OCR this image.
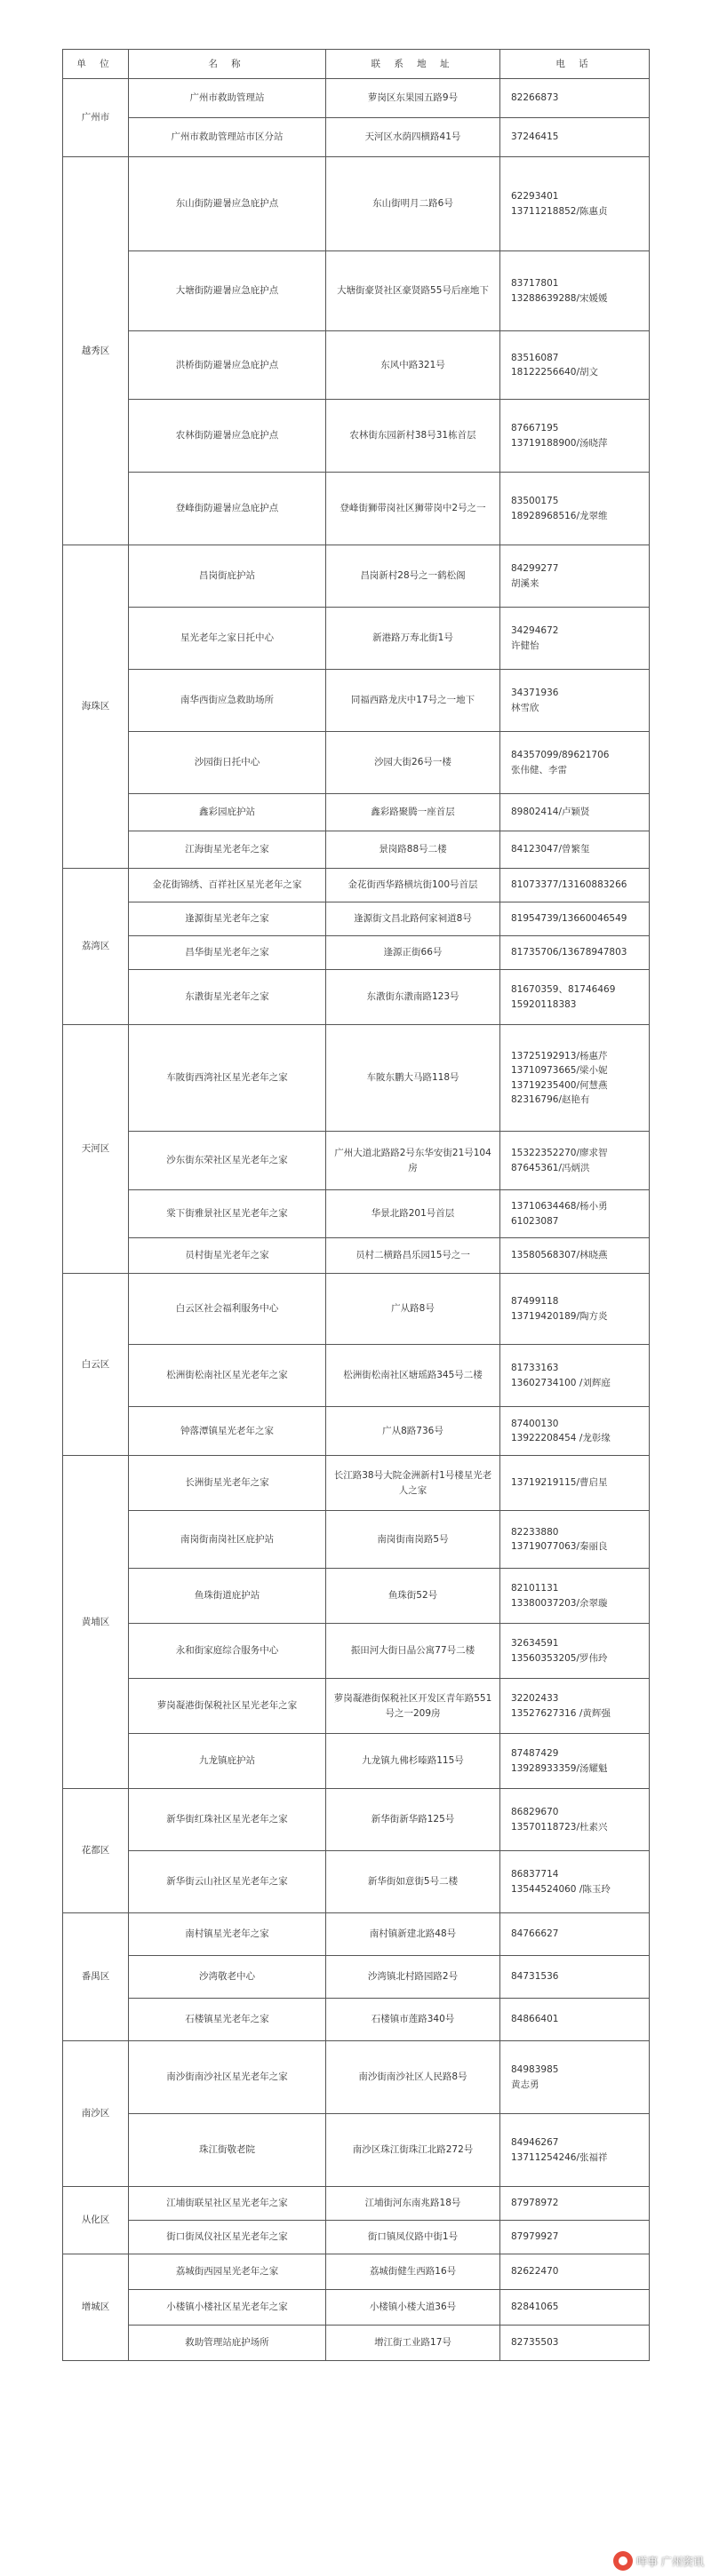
单 位	名 称	联 系 地 址	电 话
广州市	广州市救助管理站	萝岗区东果园五路9号	82266873

	广州市救助管理站市区分站	天河区水荫四横路41号	37246415

越秀区	东山街防避暑应急庇护点	东山街明月二路6号	62293401
13711218852/陈惠贞

	大塘街防避暑应急庇护点	大塘街豪贤社区豪贤路55号后座地下	83717801
13288639288/宋媛媛

	洪桥街防避暑应急庇护点	东风中路321号	83516087
18122256640/胡文

	农林街防避暑应急庇护点	农林街东园新村38号31栋首层	87667195
13719188900/汤晓萍

	登峰街防避暑应急庇护点	登峰街狮带岗社区狮带岗中2号之一	83500175
18928968516/龙翠维

海珠区	昌岗街庇护站	昌岗新村28号之一鹤松阁	84299277
胡溪来

	星光老年之家日托中心	新港路万寿北街1号	34294672
许健怡

	南华西街应急救助场所	同福西路龙庆中17号之一地下	34371936
林雪欣

	沙园街日托中心	沙园大街26号一楼	84357099/89621706
张伟健、李雷

	鑫彩园庇护站	鑫彩路聚腾一座首层	89802414/卢颖贤

	江海街星光老年之家	景岗路88号二楼	84123047/曾繁玺

荔湾区	金花街锦绣、百祥社区星光老年之家	金花街西华路横坑街100号首层	81073377/13160883266

	逢源街星光老年之家	逢源街文昌北路何家祠道8号	81954739/13660046549

	昌华街星光老年之家	逢源正街66号	81735706/13678947803

	东漖街星光老年之家	东漖街东漖南路123号	81670359、81746469
15920118383

天河区	车陂街西湾社区星光老年之家	车陂东鹏大马路118号	13725192913/杨惠芹
13710973665/梁小妮
13719235400/何慧燕
82316796/赵艳有

	沙东街东荣社区星光老年之家	广州大道北路路2号东华安街21号104房	15322352270/廖求智
87645361/冯炳洪

	棠下街雅景社区星光老年之家	华景北路201号首层	13710634468/杨小勇
61023087

	员村街星光老年之家	员村二横路昌乐园15号之一	13580568307/林晓燕

白云区	白云区社会福利服务中心	广从路8号	87499118
13719420189/陶方炎

	松洲街松南社区星光老年之家	松洲街松南社区塘瑶路345号二楼	81733163
13602734100 /刘辉庭

	钟落潭镇星光老年之家	广从8路736号	87400130
13922208454 /龙彰缘

黄埔区	长洲街星光老年之家	长江路38号大院金洲新村1号楼星光老人之家	13719219115/曹启星

	南岗街南岗社区庇护站	南岗街南岗路5号	82233880
13719077063/秦丽良

	鱼珠街道庇护站	鱼珠街52号	82101131
13380037203/余翠璇

	永和街家庭综合服务中心	振田河大街日晶公寓77号二楼	32634591
13560353205/罗伟玲

	萝岗凝港街保税社区星光老年之家	萝岗凝港街保税社区开发区青年路551号之一209房	32202433
13527627316 /黄辉强

	九龙镇庇护站	九龙镇九佛杉嗪路115号	87487429
13928933359/汤耀魁

花都区	新华街红珠社区星光老年之家	新华街新华路125号	86829670
13570118723/杜素兴

	新华街云山社区星光老年之家	新华街如意街5号二楼	86837714
13544524060 /陈玉玲

番禺区	南村镇星光老年之家	南村镇新建北路48号	84766627

	沙湾敬老中心	沙湾镇北村路园路2号	84731536

	石楼镇星光老年之家	石楼镇市莲路340号	84866401

南沙区	南沙街南沙社区星光老年之家	南沙街南沙社区人民路8号	84983985
黄志勇

	珠江街敬老院	南沙区珠江街珠江北路272号	84946267
13711254246/张福祥

从化区	江埔街联星社区星光老年之家	江埔街河东南兆路18号	87978972

	街口街凤仪社区星光老年之家	街口镇凤仪路中街1号	87979927

增城区	荔城街西园星光老年之家	荔城街健生西路16号	82622470

	小楼镇小楼社区星光老年之家	小楼镇小楼大道36号	82841065

	救助管理站庇护场所	增江街工业路17号	82735503
咩事 广州资讯
